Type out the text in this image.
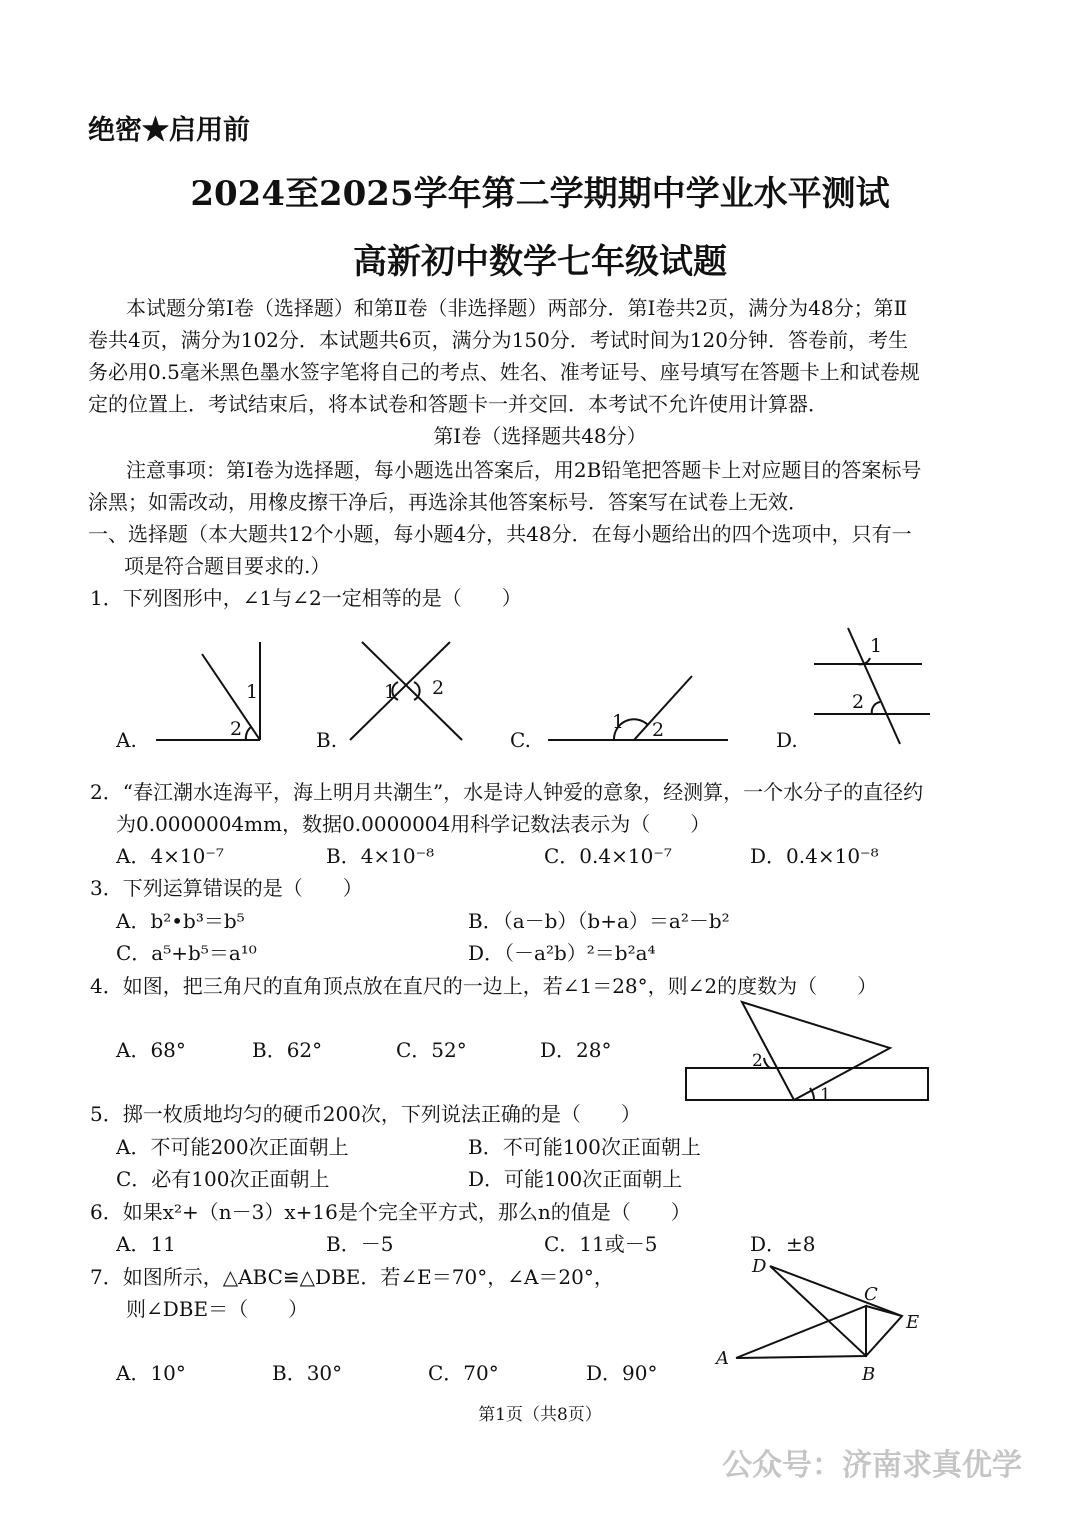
绝密★启用前
2024至2025学年第二学期期中学业水平测试
高新初中数学七年级试题
本试题分第Ⅰ卷（选择题）和第Ⅱ卷（非选择题）两部分．第Ⅰ卷共2页，满分为48分；第Ⅱ
卷共4页，满分为102分．本试题共6页，满分为150分．考试时间为120分钟．答卷前，考生
务必用0.5毫米黑色墨水签字笔将自己的考点、姓名、准考证号、座号填写在答题卡上和试卷规
定的位置上．考试结束后，将本试卷和答题卡一并交回．本考试不允许使用计算器．
第Ⅰ卷（选择题共48分）
注意事项：第Ⅰ卷为选择题，每小题选出答案后，用2B铅笔把答题卡上对应题目的答案标号
涂黑；如需改动，用橡皮擦干净后，再选涂其他答案标号．答案写在试卷上无效．
一、选择题（本大题共12个小题，每小题4分，共48分．在每小题给出的四个选项中，只有一
项是符合题目要求的.）
1．下列图形中，∠1与∠2一定相等的是（　　）
1
2
1 2
1 2
1
2
A.	B.	C.	D.
2．“春江潮水连海平，海上明月共潮生”，水是诗人钟爱的意象，经测算，一个水分子的直径约
为0.0000004mm，数据0.0000004用科学记数法表示为（　　）
A．4×10⁻⁷	B．4×10⁻⁸	C．0.4×10⁻⁷	D．0.4×10⁻⁸
3．下列运算错误的是（　　）
A．b²•b³＝b⁵	B．（a－b）（b+a）＝a²－b²
C．a⁵+b⁵＝a¹⁰	D．（－a²b）²＝b²a⁴
4．如图，把三角尺的直角顶点放在直尺的一边上，若∠1＝28°，则∠2的度数为（　　）
A．68°	B．62°	C．52°	D．28°	2
1
5．掷一枚质地均匀的硬币200次，下列说法正确的是（　　）
A．不可能200次正面朝上	B．不可能100次正面朝上
C．必有100次正面朝上	D．可能100次正面朝上
6．如果x²+（n－3）x+16是个完全平方式，那么n的值是（　　）
A．11	B．－5	C．11或－5	D．±8
7．如图所示，△ABC≌△DBE．若∠E＝70°，∠A＝20°，
则∠DBE＝（　　）
A．10°	B．30°	C．70°	D．90°
A
B
C
D
E
第1页（共8页）
公众号：济南求真优学
